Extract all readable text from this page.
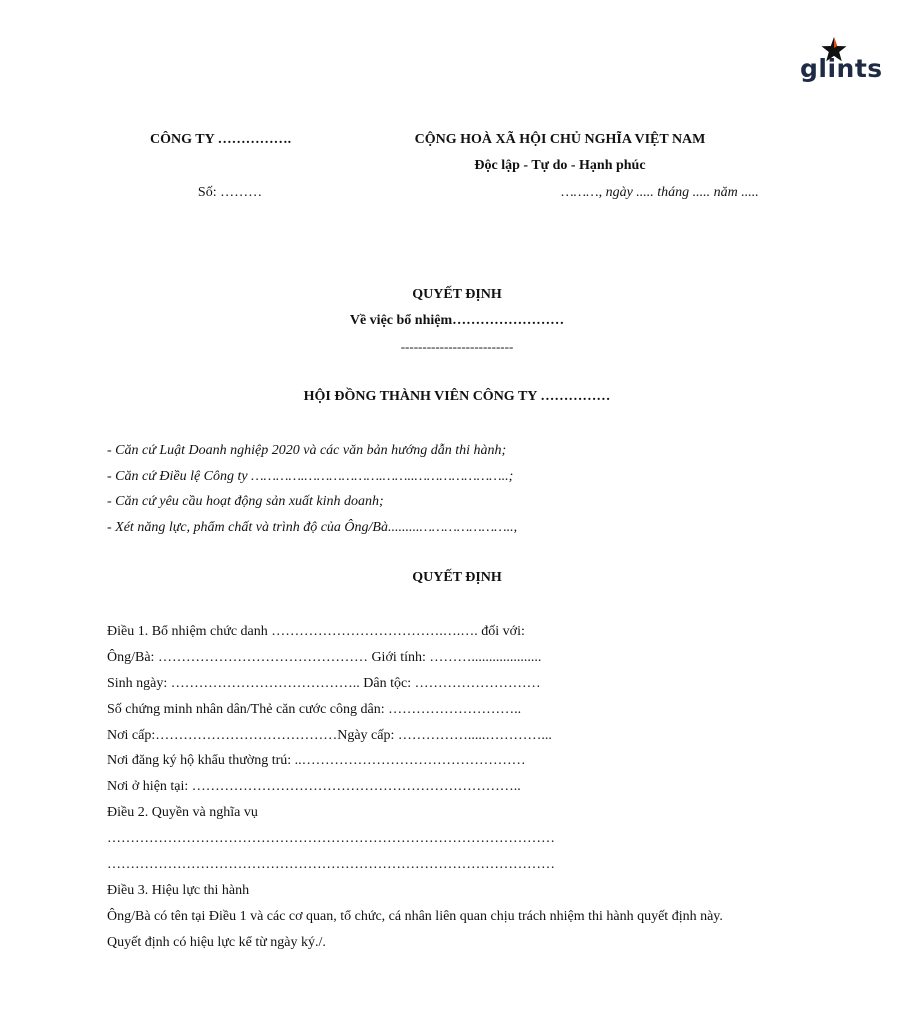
glints
CÔNG TY …………….	CỘNG HOÀ XÃ HỘI CHỦ NGHĨA VIỆT NAM
Độc lập - Tự do - Hạnh phúc
Số: ………	………, ngày ..... tháng ..... năm .....
QUYẾT ĐỊNH
Về việc bổ nhiệm……………………
--------------------------
HỘI ĐỒNG THÀNH VIÊN CÔNG TY ……………
- Căn cứ Luật Doanh nghiệp 2020 và các văn bản hướng dẫn thi hành;
- Căn cứ Điều lệ Công ty ………….……………….……..…………………..;
- Căn cứ yêu cầu hoạt động sản xuất kinh doanh;
- Xét năng lực, phẩm chất và trình độ của Ông/Bà.........…………………..,
QUYẾT ĐỊNH
Điều 1. Bổ nhiệm chức danh ……………………………….….…. đối với:
Ông/Bà: ……………………………………… Giới tính: ………....................
Sinh ngày: ………………………………….. Dân tộc: ………………………
Số chứng minh nhân dân/Thẻ căn cước công dân: ………………………..
Nơi cấp:…………………………………Ngày cấp: …………….....…………...
Nơi đăng ký hộ khẩu thường trú: ..…………………………………………
Nơi ở hiện tại: ……………………………………………………………..
Điều 2. Quyền và nghĩa vụ
……………………………………………………………………………………
……………………………………………………………………………………
Điều 3. Hiệu lực thi hành
Ông/Bà có tên tại Điều 1 và các cơ quan, tổ chức, cá nhân liên quan chịu trách nhiệm thi hành quyết định này.
Quyết định có hiệu lực kể từ ngày ký./.
